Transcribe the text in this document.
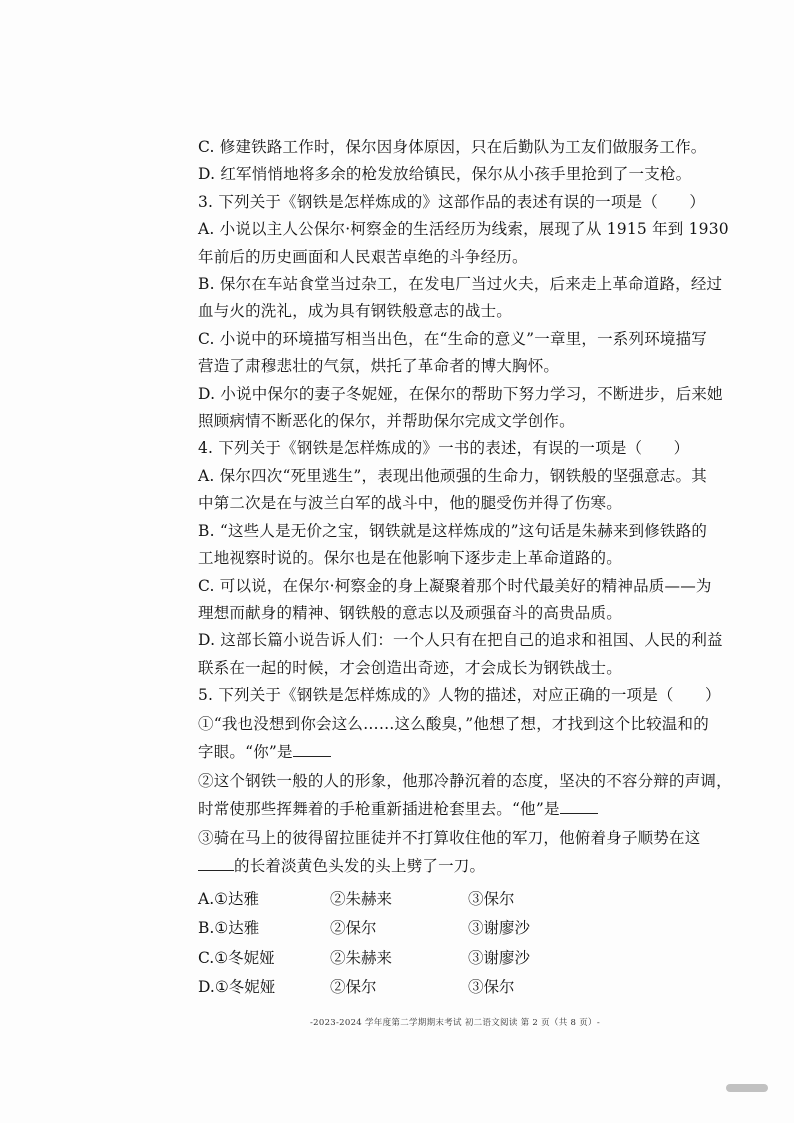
C. 修建铁路工作时，保尔因身体原因，只在后勤队为工友们做服务工作。
D. 红军悄悄地将多余的枪发放给镇民，保尔从小孩手里抢到了一支枪。
3. 下列关于《钢铁是怎样炼成的》这部作品的表述有误的一项是（　　）
A. 小说以主人公保尔·柯察金的生活经历为线索，展现了从 1915 年到 1930
年前后的历史画面和人民艰苦卓绝的斗争经历。
B. 保尔在车站食堂当过杂工，在发电厂当过火夫，后来走上革命道路，经过
血与火的洗礼，成为具有钢铁般意志的战士。
C. 小说中的环境描写相当出色，在“生命的意义”一章里，一系列环境描写
营造了肃穆悲壮的气氛，烘托了革命者的博大胸怀。
D. 小说中保尔的妻子冬妮娅，在保尔的帮助下努力学习，不断进步，后来她
照顾病情不断恶化的保尔，并帮助保尔完成文学创作。
4. 下列关于《钢铁是怎样炼成的》一书的表述，有误的一项是（　　）
A. 保尔四次“死里逃生”，表现出他顽强的生命力，钢铁般的坚强意志。其
中第二次是在与波兰白军的战斗中，他的腿受伤并得了伤寒。
B. “这些人是无价之宝，钢铁就是这样炼成的”这句话是朱赫来到修铁路的
工地视察时说的。保尔也是在他影响下逐步走上革命道路的。
C. 可以说，在保尔·柯察金的身上凝聚着那个时代最美好的精神品质——为
理想而献身的精神、钢铁般的意志以及顽强奋斗的高贵品质。
D. 这部长篇小说告诉人们：一个人只有在把自己的追求和祖国、人民的利益
联系在一起的时候，才会创造出奇迹，才会成长为钢铁战士。
5. 下列关于《钢铁是怎样炼成的》人物的描述，对应正确的一项是（　　）
①“我也没想到你会这么……这么酸臭，”他想了想，才找到这个比较温和的
字眼。“你”是
②这个钢铁一般的人的形象，他那冷静沉着的态度，坚决的不容分辩的声调，
时常使那些挥舞着的手枪重新插进枪套里去。“他”是
③骑在马上的彼得留拉匪徒并不打算收住他的军刀，他俯着身子顺势在这
的长着淡黄色头发的头上劈了一刀。
A.①达雅	②朱赫来	③保尔
B.①达雅	②保尔	③谢廖沙
C.①冬妮娅	②朱赫来	③谢廖沙
D.①冬妮娅	②保尔	③保尔
-2023-2024 学年度第二学期期末考试 初二语文阅读 第 2 页（共 8 页）-
